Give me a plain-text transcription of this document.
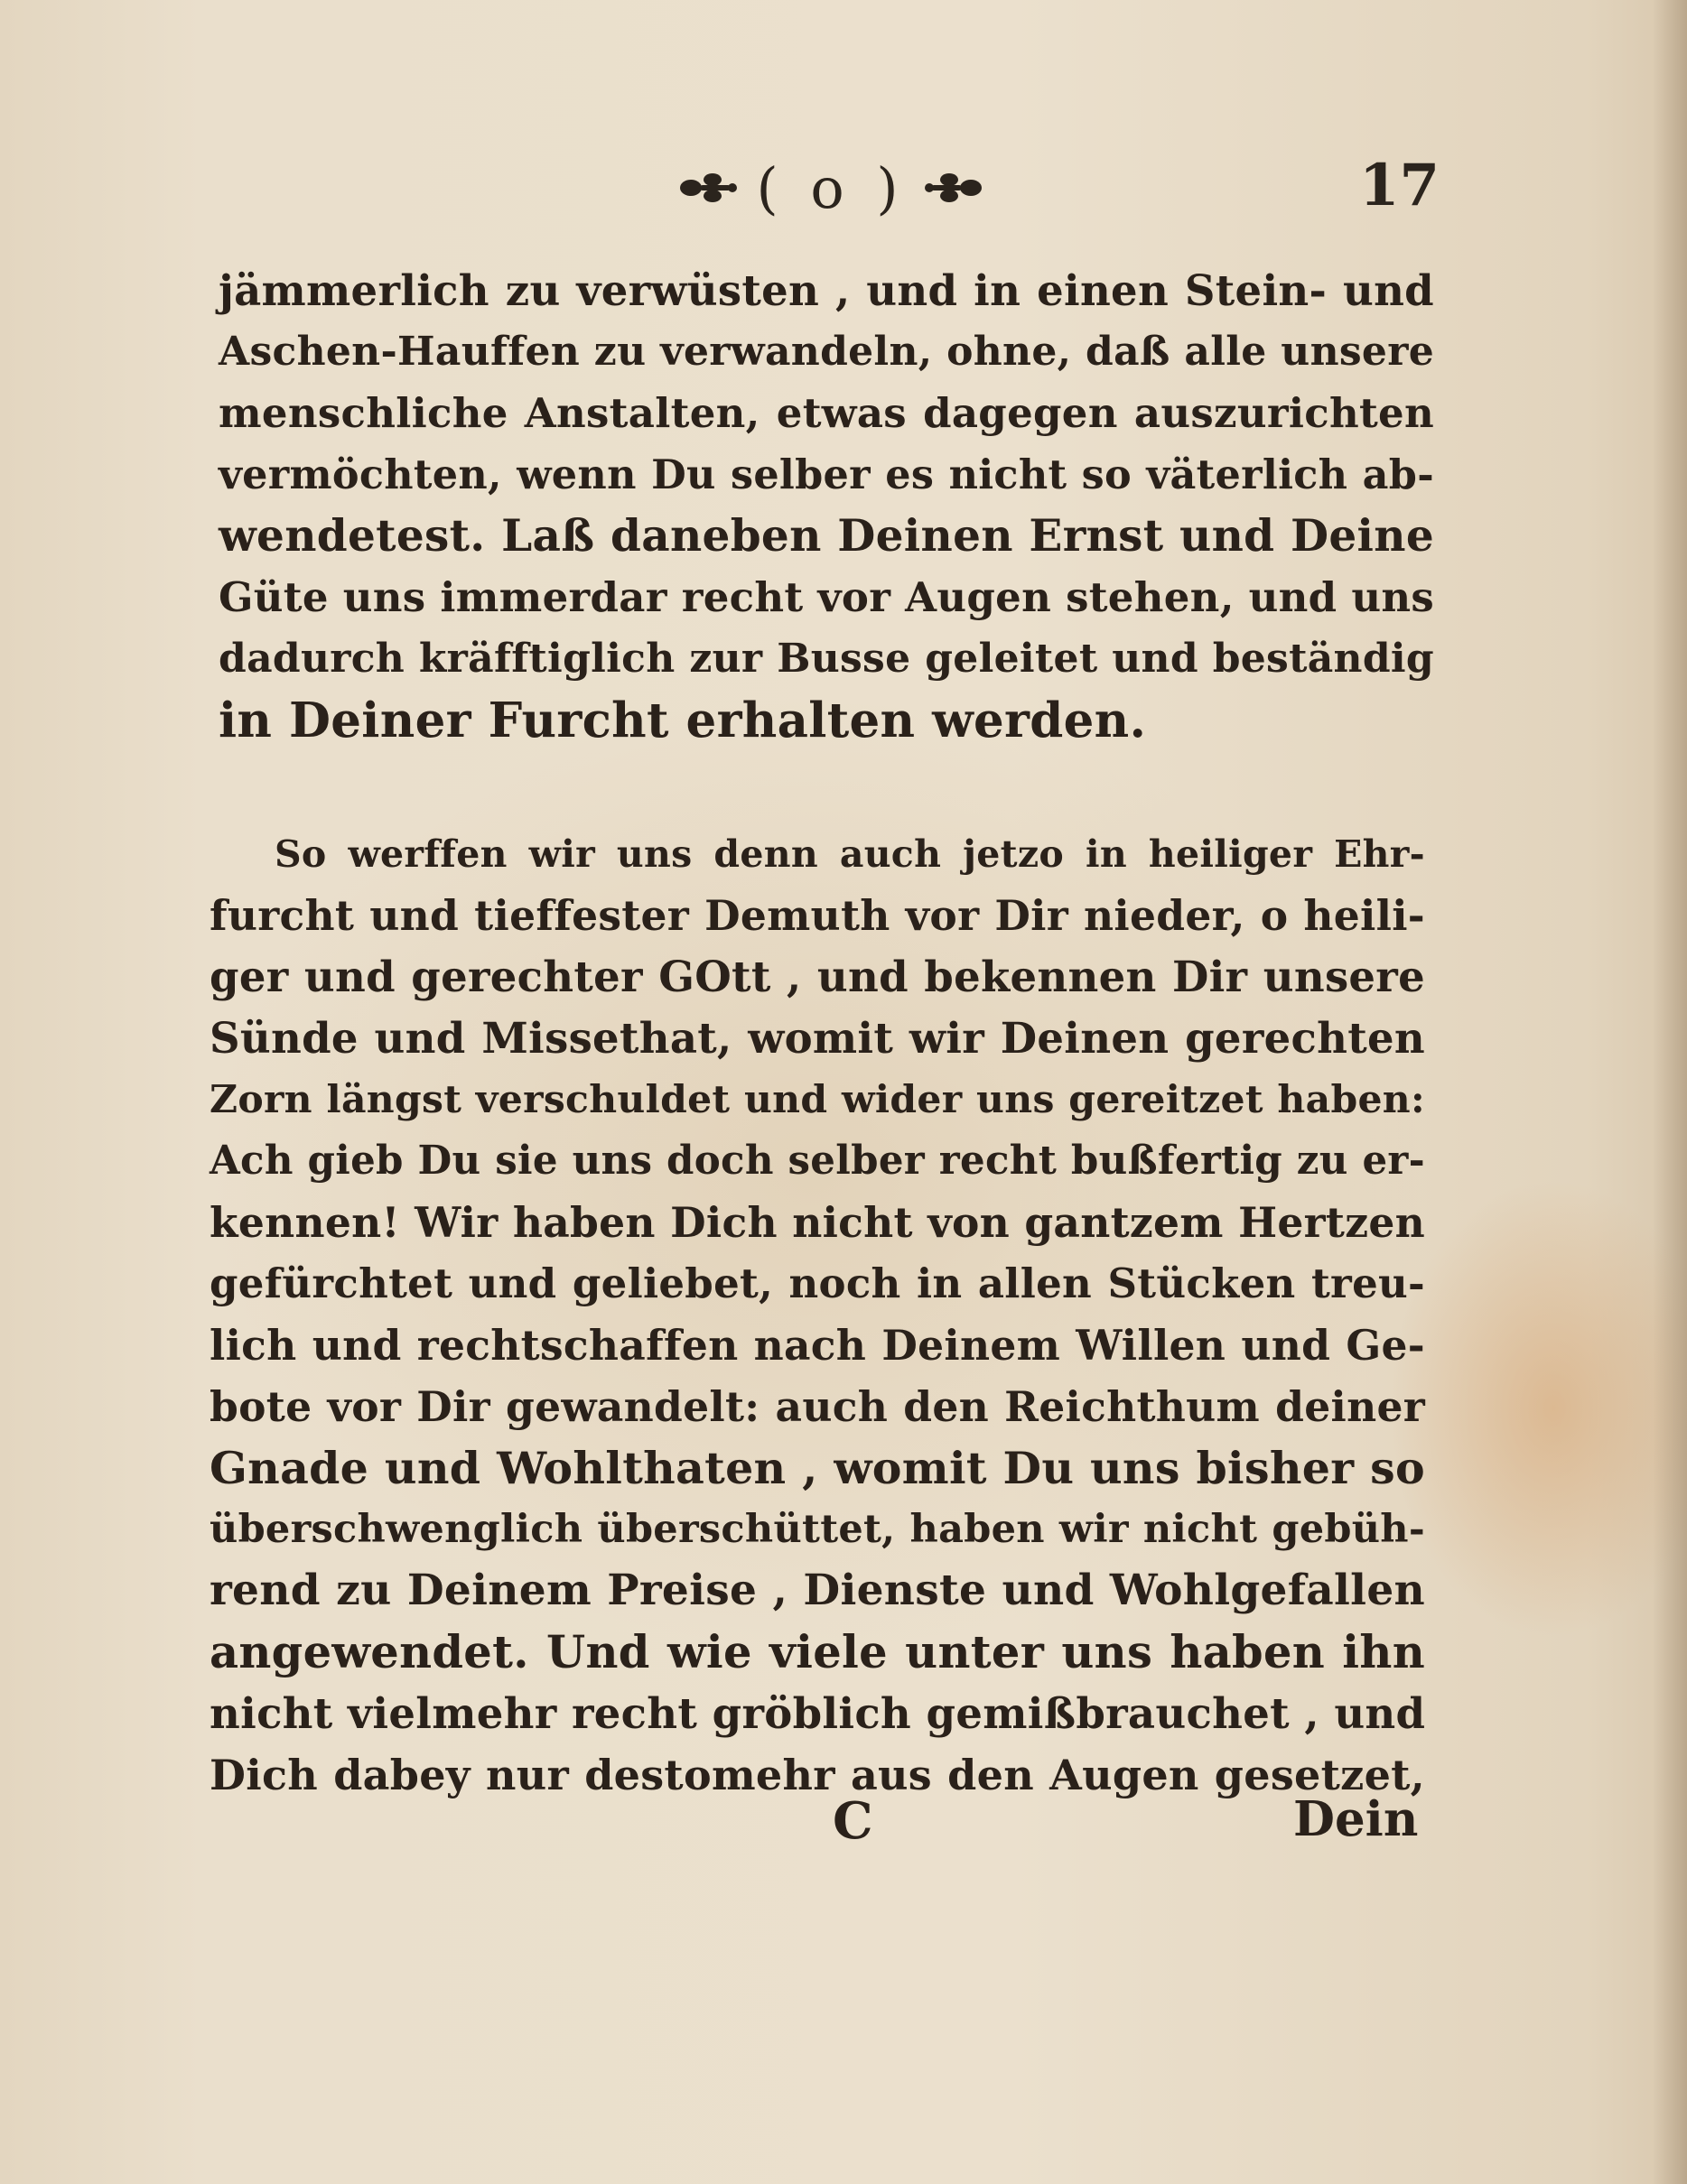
( o )	17
jämmerlich zu verwüsten , und in einen Stein- und
Aschen-Hauffen zu verwandeln, ohne, daß alle unsere
menschliche Anstalten, etwas dagegen auszurichten
vermöchten, wenn Du selber es nicht so väterlich ab-
wendetest. Laß daneben Deinen Ernst und Deine
Güte uns immerdar recht vor Augen stehen, und uns
dadurch kräfftiglich zur Busse geleitet und beständig
in Deiner Furcht erhalten werden.
So werffen wir uns denn auch jetzo in heiliger Ehr-
furcht und tieffester Demuth vor Dir nieder, o heili-
ger und gerechter GOtt , und bekennen Dir unsere
Sünde und Missethat, womit wir Deinen gerechten
Zorn längst verschuldet und wider uns gereitzet haben:
Ach gieb Du sie uns doch selber recht bußfertig zu er-
kennen! Wir haben Dich nicht von gantzem Hertzen
gefürchtet und geliebet, noch in allen Stücken treu-
lich und rechtschaffen nach Deinem Willen und Ge-
bote vor Dir gewandelt: auch den Reichthum deiner
Gnade und Wohlthaten , womit Du uns bisher so
überschwenglich überschüttet, haben wir nicht gebüh-
rend zu Deinem Preise , Dienste und Wohlgefallen
angewendet. Und wie viele unter uns haben ihn
nicht vielmehr recht gröblich gemißbrauchet , und
Dich dabey nur destomehr aus den Augen gesetzet,
C	Dein
